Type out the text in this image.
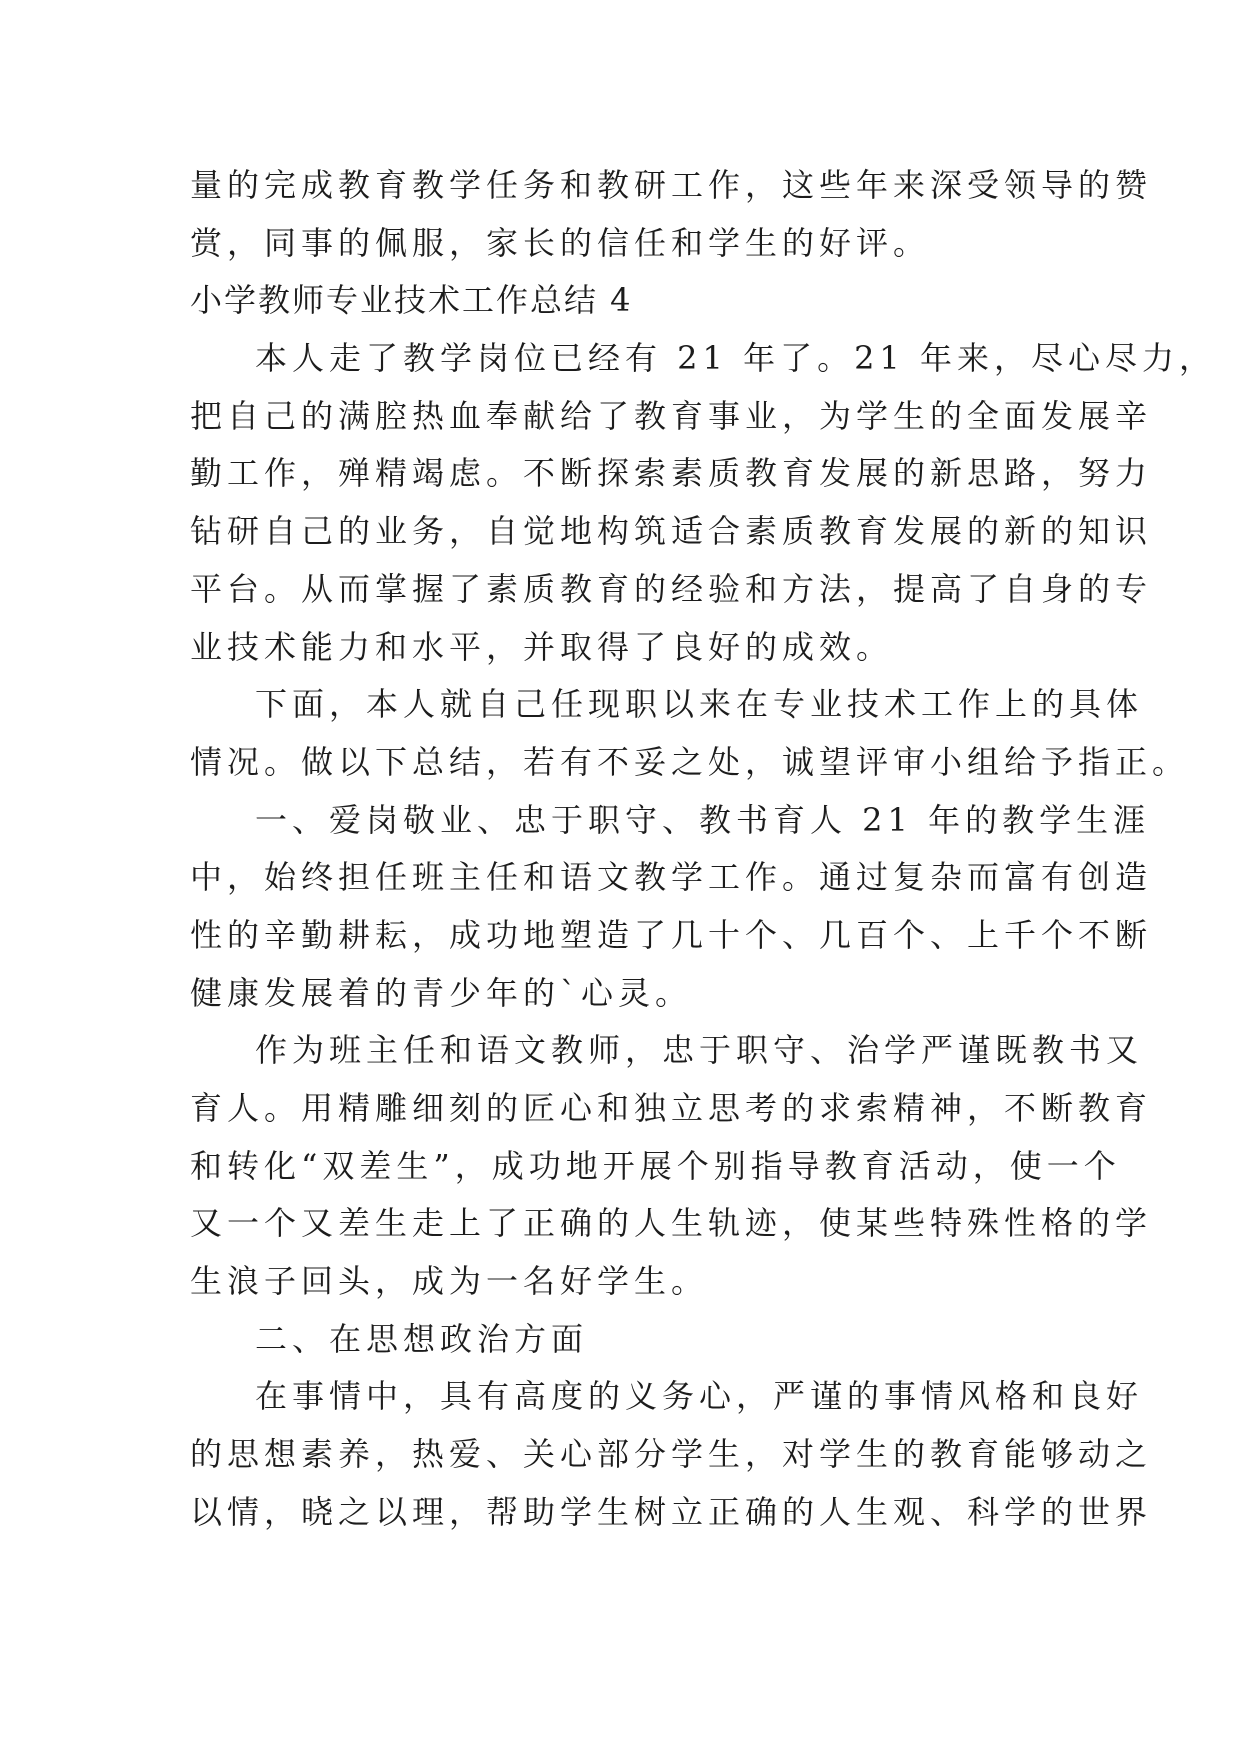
量的完成教育教学任务和教研工作，这些年来深受领导的赞
赏，同事的佩服，家长的信任和学生的好评。
小学教师专业技术工作总结 4
本人走了教学岗位已经有 21 年了。21 年来，尽心尽力，
把自己的满腔热血奉献给了教育事业，为学生的全面发展辛
勤工作，殚精竭虑。不断探索素质教育发展的新思路，努力
钻研自己的业务，自觉地构筑适合素质教育发展的新的知识
平台。从而掌握了素质教育的经验和方法，提高了自身的专
业技术能力和水平，并取得了良好的成效。
下面，本人就自己任现职以来在专业技术工作上的具体
情况。做以下总结，若有不妥之处，诚望评审小组给予指正。
一、爱岗敬业、忠于职守、教书育人 21 年的教学生涯
中，始终担任班主任和语文教学工作。通过复杂而富有创造
性的辛勤耕耘，成功地塑造了几十个、几百个、上千个不断
健康发展着的青少年的`心灵。
作为班主任和语文教师，忠于职守、治学严谨既教书又
育人。用精雕细刻的匠心和独立思考的求索精神，不断教育
和转化“双差生”，成功地开展个别指导教育活动，使一个
又一个又差生走上了正确的人生轨迹，使某些特殊性格的学
生浪子回头，成为一名好学生。
二、在思想政治方面
在事情中，具有高度的义务心，严谨的事情风格和良好
的思想素养，热爱、关心部分学生，对学生的教育能够动之
以情，晓之以理，帮助学生树立正确的人生观、科学的世界
